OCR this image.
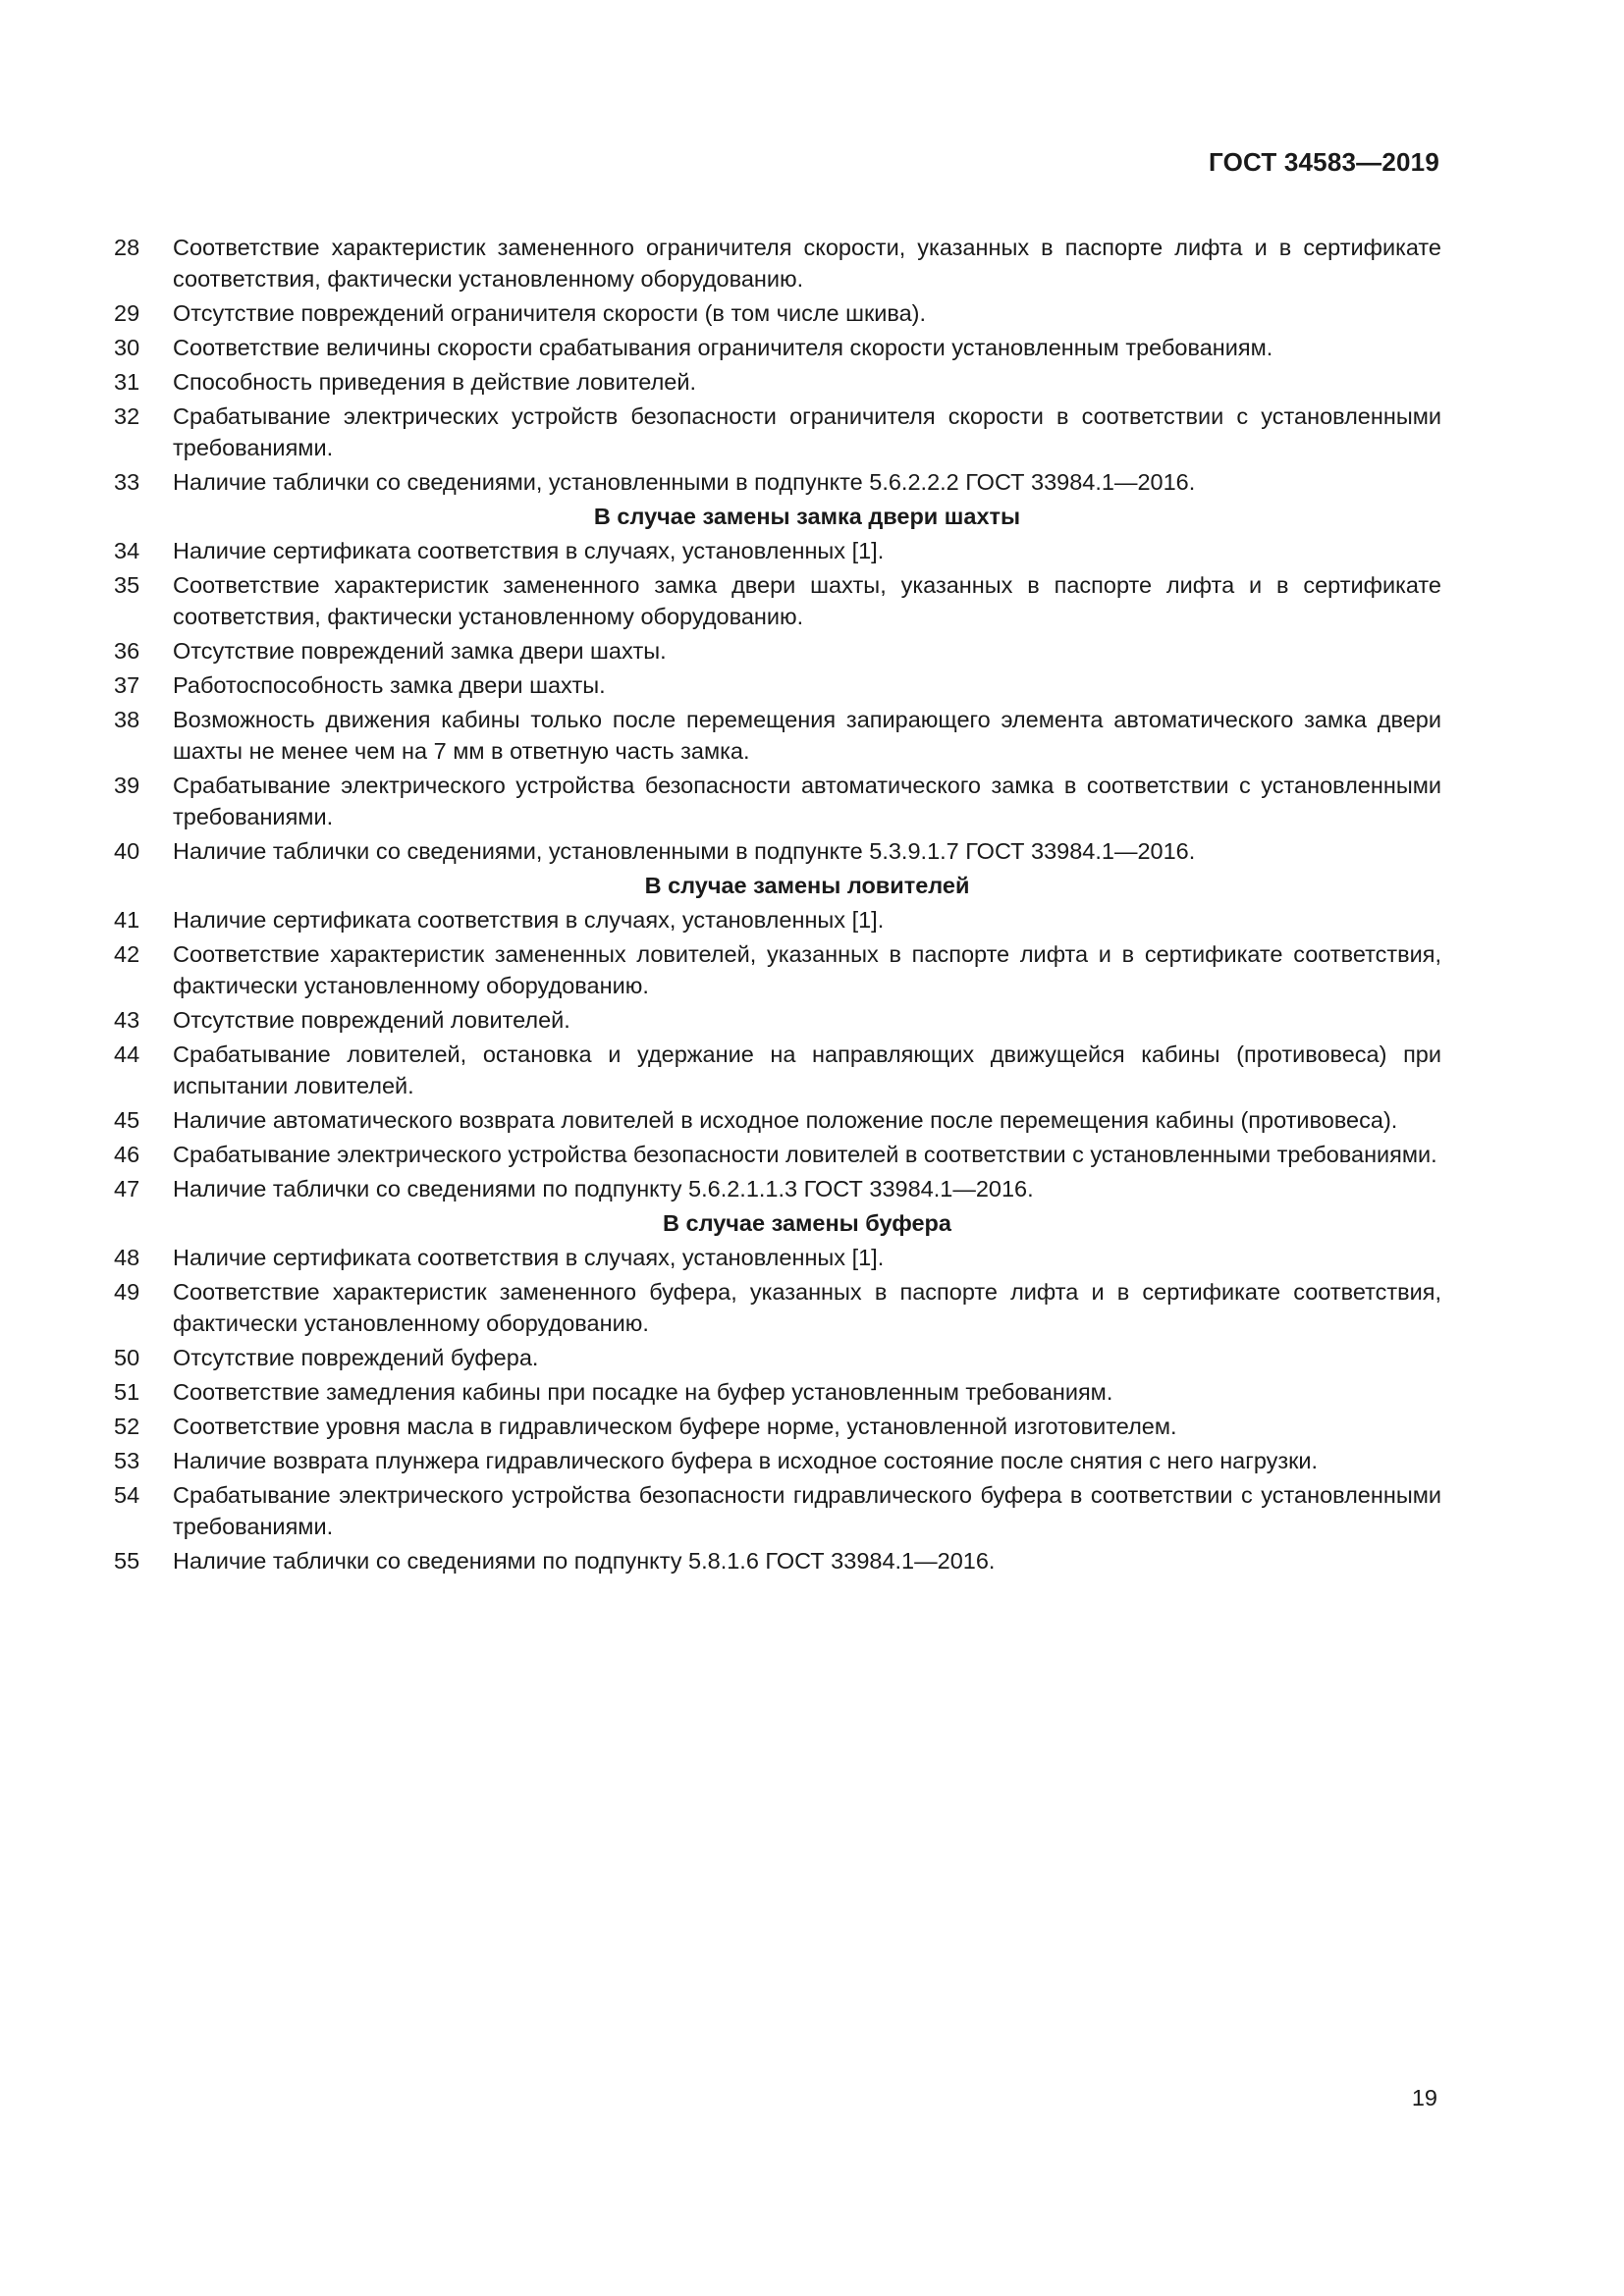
ГОСТ 34583—2019
28	Соответствие характеристик замененного ограничителя скорости, указанных в паспорте лифта и в сертификате соответствия, фактически установленному оборудованию.
29	Отсутствие повреждений ограничителя скорости (в том числе шкива).
30	Соответствие величины скорости срабатывания ограничителя скорости установленным требованиям.
31	Способность приведения в действие ловителей.
32	Срабатывание электрических устройств безопасности ограничителя скорости в соответствии с установленными требованиями.
33	Наличие таблички со сведениями, установленными в подпункте 5.6.2.2.2 ГОСТ 33984.1—2016.
В случае замены замка двери шахты
34	Наличие сертификата соответствия в случаях, установленных [1].
35	Соответствие характеристик замененного замка двери шахты, указанных в паспорте лифта и в сертификате соответствия, фактически установленному оборудованию.
36	Отсутствие повреждений замка двери шахты.
37	Работоспособность замка двери шахты.
38	Возможность движения кабины только после перемещения запирающего элемента автоматического замка двери шахты не менее чем на 7 мм в ответную часть замка.
39	Срабатывание электрического устройства безопасности автоматического замка в соответствии с установленными требованиями.
40	Наличие таблички со сведениями, установленными в подпункте 5.3.9.1.7 ГОСТ 33984.1—2016.
В случае замены ловителей
41	Наличие сертификата соответствия в случаях, установленных [1].
42	Соответствие характеристик замененных ловителей, указанных в паспорте лифта и в сертификате соответствия, фактически установленному оборудованию.
43	Отсутствие повреждений ловителей.
44	Срабатывание ловителей, остановка и удержание на направляющих движущейся кабины (противовеса) при испытании ловителей.
45	Наличие автоматического возврата ловителей в исходное положение после перемещения кабины (противовеса).
46	Срабатывание электрического устройства безопасности ловителей в соответствии с установленными требованиями.
47	Наличие таблички со сведениями по подпункту 5.6.2.1.1.3 ГОСТ 33984.1—2016.
В случае замены буфера
48	Наличие сертификата соответствия в случаях, установленных [1].
49	Соответствие характеристик замененного буфера, указанных в паспорте лифта и в сертификате соответствия, фактически установленному оборудованию.
50	Отсутствие повреждений буфера.
51	Соответствие замедления кабины при посадке на буфер установленным требованиям.
52	Соответствие уровня масла в гидравлическом буфере норме, установленной изготовителем.
53	Наличие возврата плунжера гидравлического буфера в исходное состояние после снятия с него нагрузки.
54	Срабатывание электрического устройства безопасности гидравлического буфера в соответствии с установленными требованиями.
55	Наличие таблички со сведениями по подпункту 5.8.1.6 ГОСТ 33984.1—2016.
19
